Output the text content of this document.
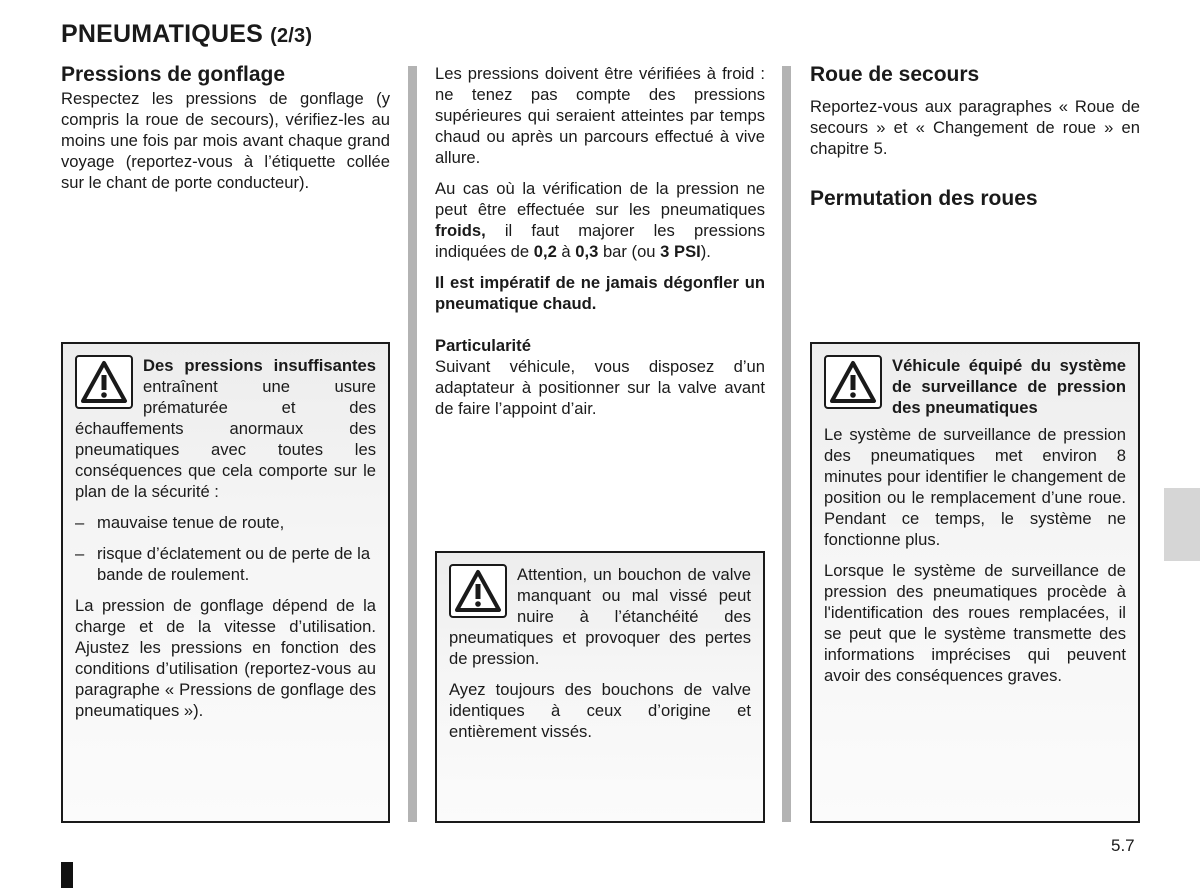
PNEUMATIQUES (2/3)
Pressions de gonflage

Respectez les pressions de gonflage (y compris la roue de secours), vérifiez-les au moins une fois par mois avant chaque grand voyage (reportez-vous à l’étiquette collée sur le chant de porte conducteur).

Des pressions insuffisantes entraînent une usure prématurée et des échauffements anormaux des pneumatiques avec toutes les conséquences que cela comporte sur le plan de la sécurité :

– mauvaise tenue de route,
– risque d’éclatement ou de perte de la bande de roulement.

La pression de gonflage dépend de la charge et de la vitesse d’utilisation. Ajustez les pressions en fonction des conditions d’utilisation (reportez-vous au paragraphe « Pressions de gonflage des pneumatiques »).

Les pressions doivent être vérifiées à froid : ne tenez pas compte des pressions supérieures qui seraient atteintes par temps chaud ou après un parcours effectué à vive allure.

Au cas où la vérification de la pression ne peut être effectuée sur les pneumatiques froids, il faut majorer les pressions indiquées de 0,2 à 0,3 bar (ou 3 PSI).

Il est impératif de ne jamais dégonfler un pneumatique chaud.

Particularité

Suivant véhicule, vous disposez d’un adaptateur à positionner sur la valve avant de faire l’appoint d’air.

Attention, un bouchon de valve manquant ou mal vissé peut nuire à l’étanchéité des pneumatiques et provoquer des pertes de pression.

Ayez toujours des bouchons de valve identiques à ceux d’origine et entièrement vissés.

Roue de secours

Reportez-vous aux paragraphes « Roue de secours » et « Changement de roue » en chapitre 5.

Permutation des roues

Véhicule équipé du système de surveillance de pression des pneumatiques

Le système de surveillance de pression des pneumatiques met environ 8 minutes pour identifier le changement de position ou le remplacement d’une roue. Pendant ce temps, le système ne fonctionne plus.

Lorsque le système de surveillance de pression des pneumatiques procède à l'identification des roues remplacées, il se peut que le système transmette des informations imprécises qui peuvent avoir des conséquences graves.

5.7
